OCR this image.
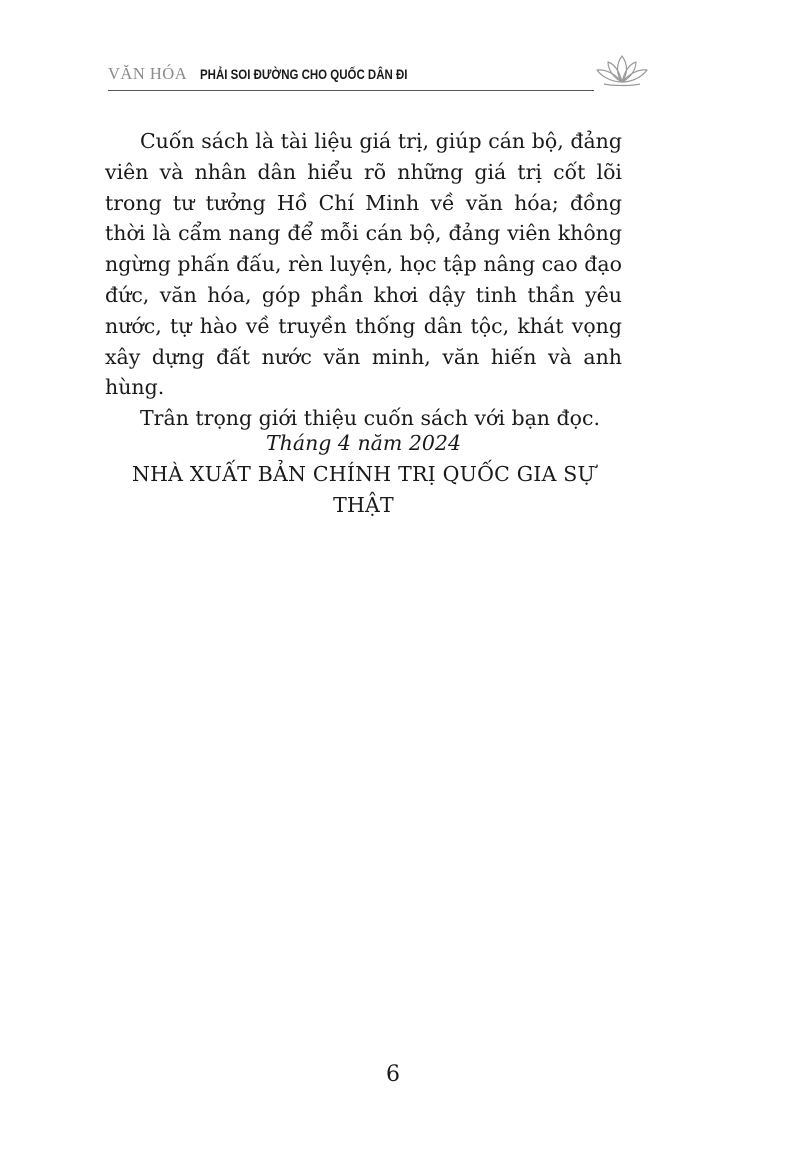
VĂN HÓA PHẢI SOI ĐƯỜNG CHO QUỐC DÂN ĐI

Cuốn sách là tài liệu giá trị, giúp cán bộ, đảng viên và nhân dân hiểu rõ những giá trị cốt lõi trong tư tưởng Hồ Chí Minh về văn hóa; đồng thời là cẩm nang để mỗi cán bộ, đảng viên không ngừng phấn đấu, rèn luyện, học tập nâng cao đạo đức, văn hóa, góp phần khơi dậy tinh thần yêu nước, tự hào về truyền thống dân tộc, khát vọng xây dựng đất nước văn minh, văn hiến và anh hùng.

Trân trọng giới thiệu cuốn sách với bạn đọc.

Tháng 4 năm 2024
NHÀ XUẤT BẢN CHÍNH TRỊ QUỐC GIA SỰ THẬT
6
